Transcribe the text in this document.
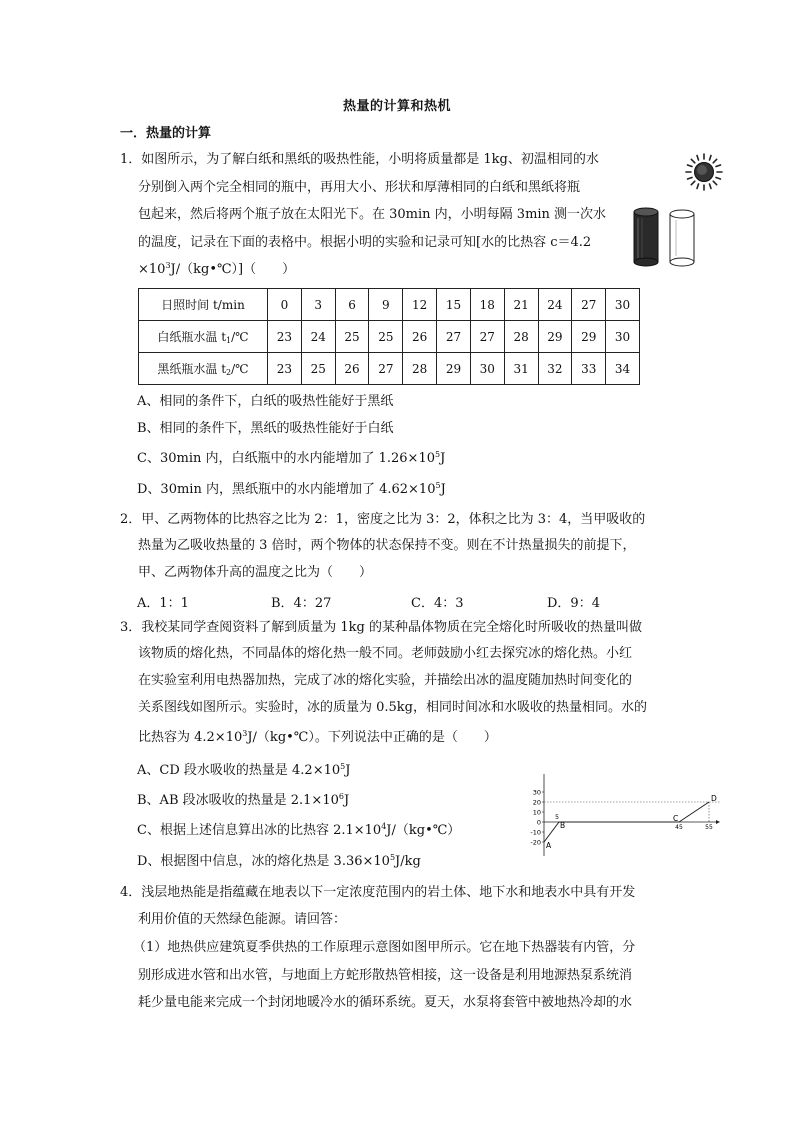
热量的计算和热机
一．热量的计算
1．如图所示，为了解白纸和黑纸的吸热性能，小明将质量都是 1kg、初温相同的水
分别倒入两个完全相同的瓶中，再用大小、形状和厚薄相同的白纸和黑纸将瓶
包起来，然后将两个瓶子放在太阳光下。在 30min 内，小明每隔 3min 测一次水
的温度，记录在下面的表格中。根据小明的实验和记录可知[水的比热容 c＝4.2
$\times 10^3J/(kg•℃)$]（　　）
日照时间 t/min	0	3	6	9	12	15	18	21	24	27	30
白纸瓶水温 $t_1/℃$	23	24	25	25	26	27	27	28	29	29	30
黑纸瓶水温 $t_2/℃$	23	25	26	27	28	29	30	31	32	33	34
A、相同的条件下，白纸的吸热性能好于黑纸
B、相同的条件下，黑纸的吸热性能好于白纸
C、30min 内，白纸瓶中的水内能增加了 $1.26\times 10^5J$
D、30min 内，黑纸瓶中的水内能增加了 $4.62\times 10^5J$
2．甲、乙两物体的比热容之比为 2：1，密度之比为 3：2，体积之比为 3：4，当甲吸收的
热量为乙吸收热量的 3 倍时，两个物体的状态保持不变。则在不计热量损失的前提下，
甲、乙两物体升高的温度之比为（　　）
A．1：1	B．4：27	C．4：3	D．9：4
3．我校某同学查阅资料了解到质量为 1kg 的某种晶体物质在完全熔化时所吸收的热量叫做
该物质的熔化热，不同晶体的熔化热一般不同。老师鼓励小红去探究冰的熔化热。小红
在实验室利用电热器加热，完成了冰的熔化实验，并描绘出冰的温度随加热时间变化的
关系图线如图所示。实验时，冰的质量为 0.5kg，相同时间冰和水吸收的热量相同。水的
比热容为 $4.2\times 10^3J/(kg•℃)$。下列说法中正确的是（　　）
A、CD 段水吸收的热量是 $4.2\times 10^5J$
B、AB 段冰吸收的热量是 $2.1\times 10^6J$
C、根据上述信息算出冰的比热容 $2.1\times 10^4J/(kg•℃)$
D、根据图中信息，冰的熔化热是 $3.36\times 10^5J/kg$
30
20
10
0
-10
-20
5
45	55
A
B
C
D
4．浅层地热能是指蕴藏在地表以下一定浓度范围内的岩土体、地下水和地表水中具有开发
利用价值的天然绿色能源。请回答：
（1）地热供应建筑夏季供热的工作原理示意图如图甲所示。它在地下热器装有内管，分
别形成进水管和出水管，与地面上方蛇形散热管相接，这一设备是利用地源热泵系统消
耗少量电能来完成一个封闭地暖冷水的循环系统。夏天，水泵将套管中被地热冷却的水
